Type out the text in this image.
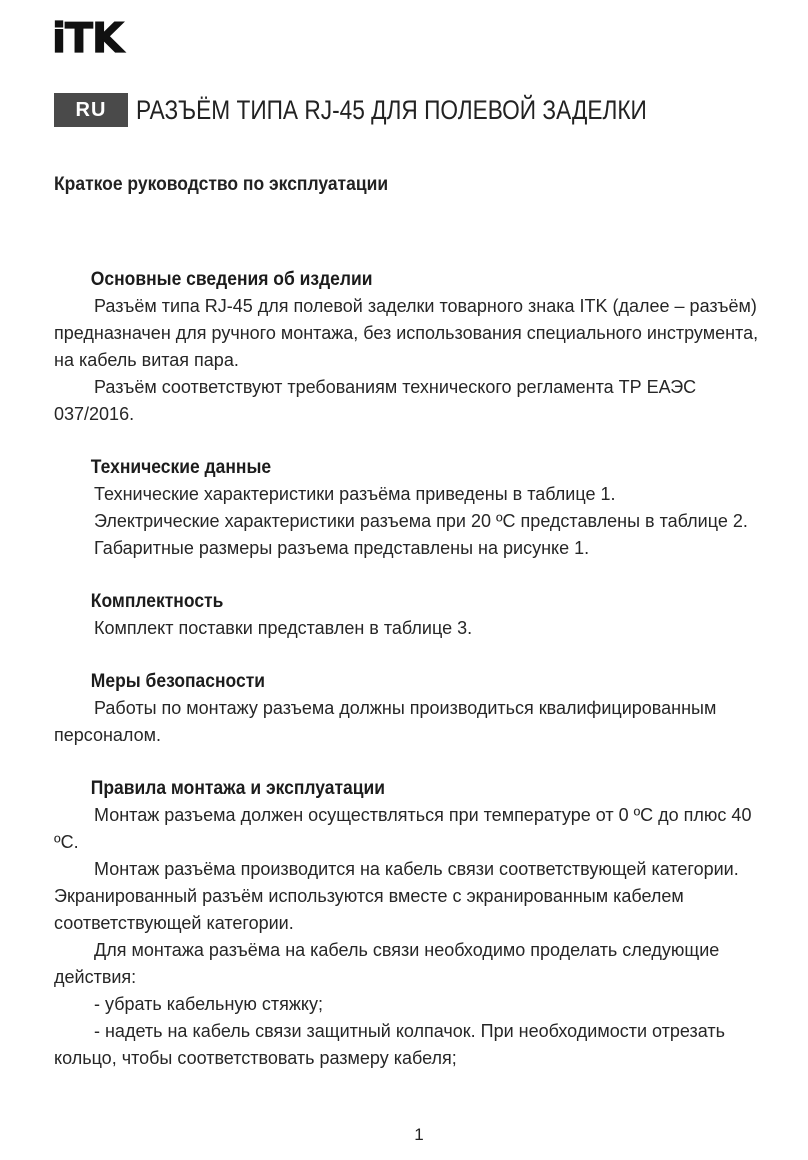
iTK
RU	РАЗЪЁМ ТИПА RJ-45 ДЛЯ ПОЛЕВОЙ ЗАДЕЛКИ
Краткое руководство по эксплуатации
Основные сведения об изделии

Разъём типа RJ-45 для полевой заделки товарного знака ITK (далее – разъём) предназначен для ручного монтажа, без использования специального инструмента, на кабель витая пара.

Разъём соответствуют требованиям технического регламента ТР ЕАЭС 037/2016.

Технические данные

Технические характеристики разъёма приведены в таблице 1.

Электрические характеристики разъема при 20 ºС представлены в таблице 2.

Габаритные размеры разъема представлены на рисунке 1.

Комплектность

Комплект поставки представлен в таблице 3.

Меры безопасности

Работы по монтажу разъема должны производиться квалифицированным персоналом.

Правила монтажа и эксплуатации

Монтаж разъема должен осуществляться при температуре от 0 ºС до плюс 40 ºС.

Монтаж разъёма производится на кабель связи соответствующей категории. Экранированный разъём используются вместе с экранированным кабелем соответствующей категории.

Для монтажа разъёма на кабель связи необходимо проделать следующие действия:

- убрать кабельную стяжку;

- надеть на кабель связи защитный колпачок. При необходимости отрезать кольцо, чтобы соответствовать размеру кабеля;

1
